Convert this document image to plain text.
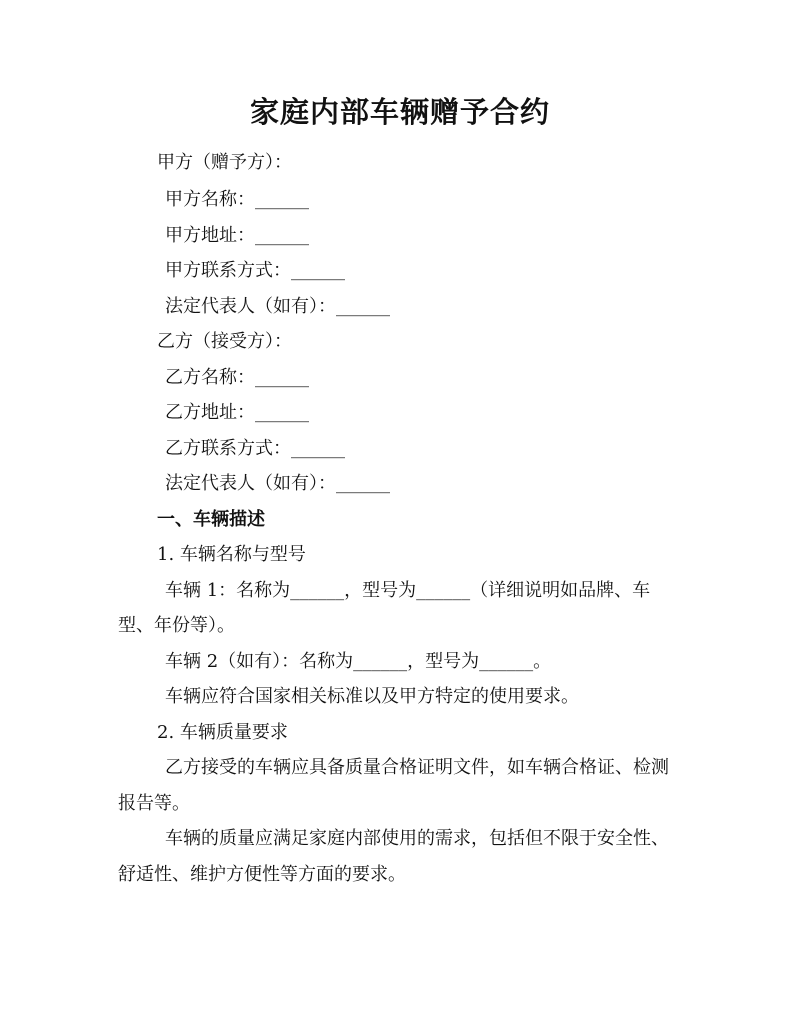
家庭内部车辆赠予合约
甲方（赠予方）：
甲方名称：______
甲方地址：______
甲方联系方式：______
法定代表人（如有）：______
乙方（接受方）：
乙方名称：______
乙方地址：______
乙方联系方式：______
法定代表人（如有）：______
一、车辆描述
1. 车辆名称与型号
车辆 1：名称为______，型号为______（详细说明如品牌、车
型、年份等）。
车辆 2（如有）：名称为______，型号为______。
车辆应符合国家相关标准以及甲方特定的使用要求。
2. 车辆质量要求
乙方接受的车辆应具备质量合格证明文件，如车辆合格证、检测
报告等。
车辆的质量应满足家庭内部使用的需求，包括但不限于安全性、
舒适性、维护方便性等方面的要求。
